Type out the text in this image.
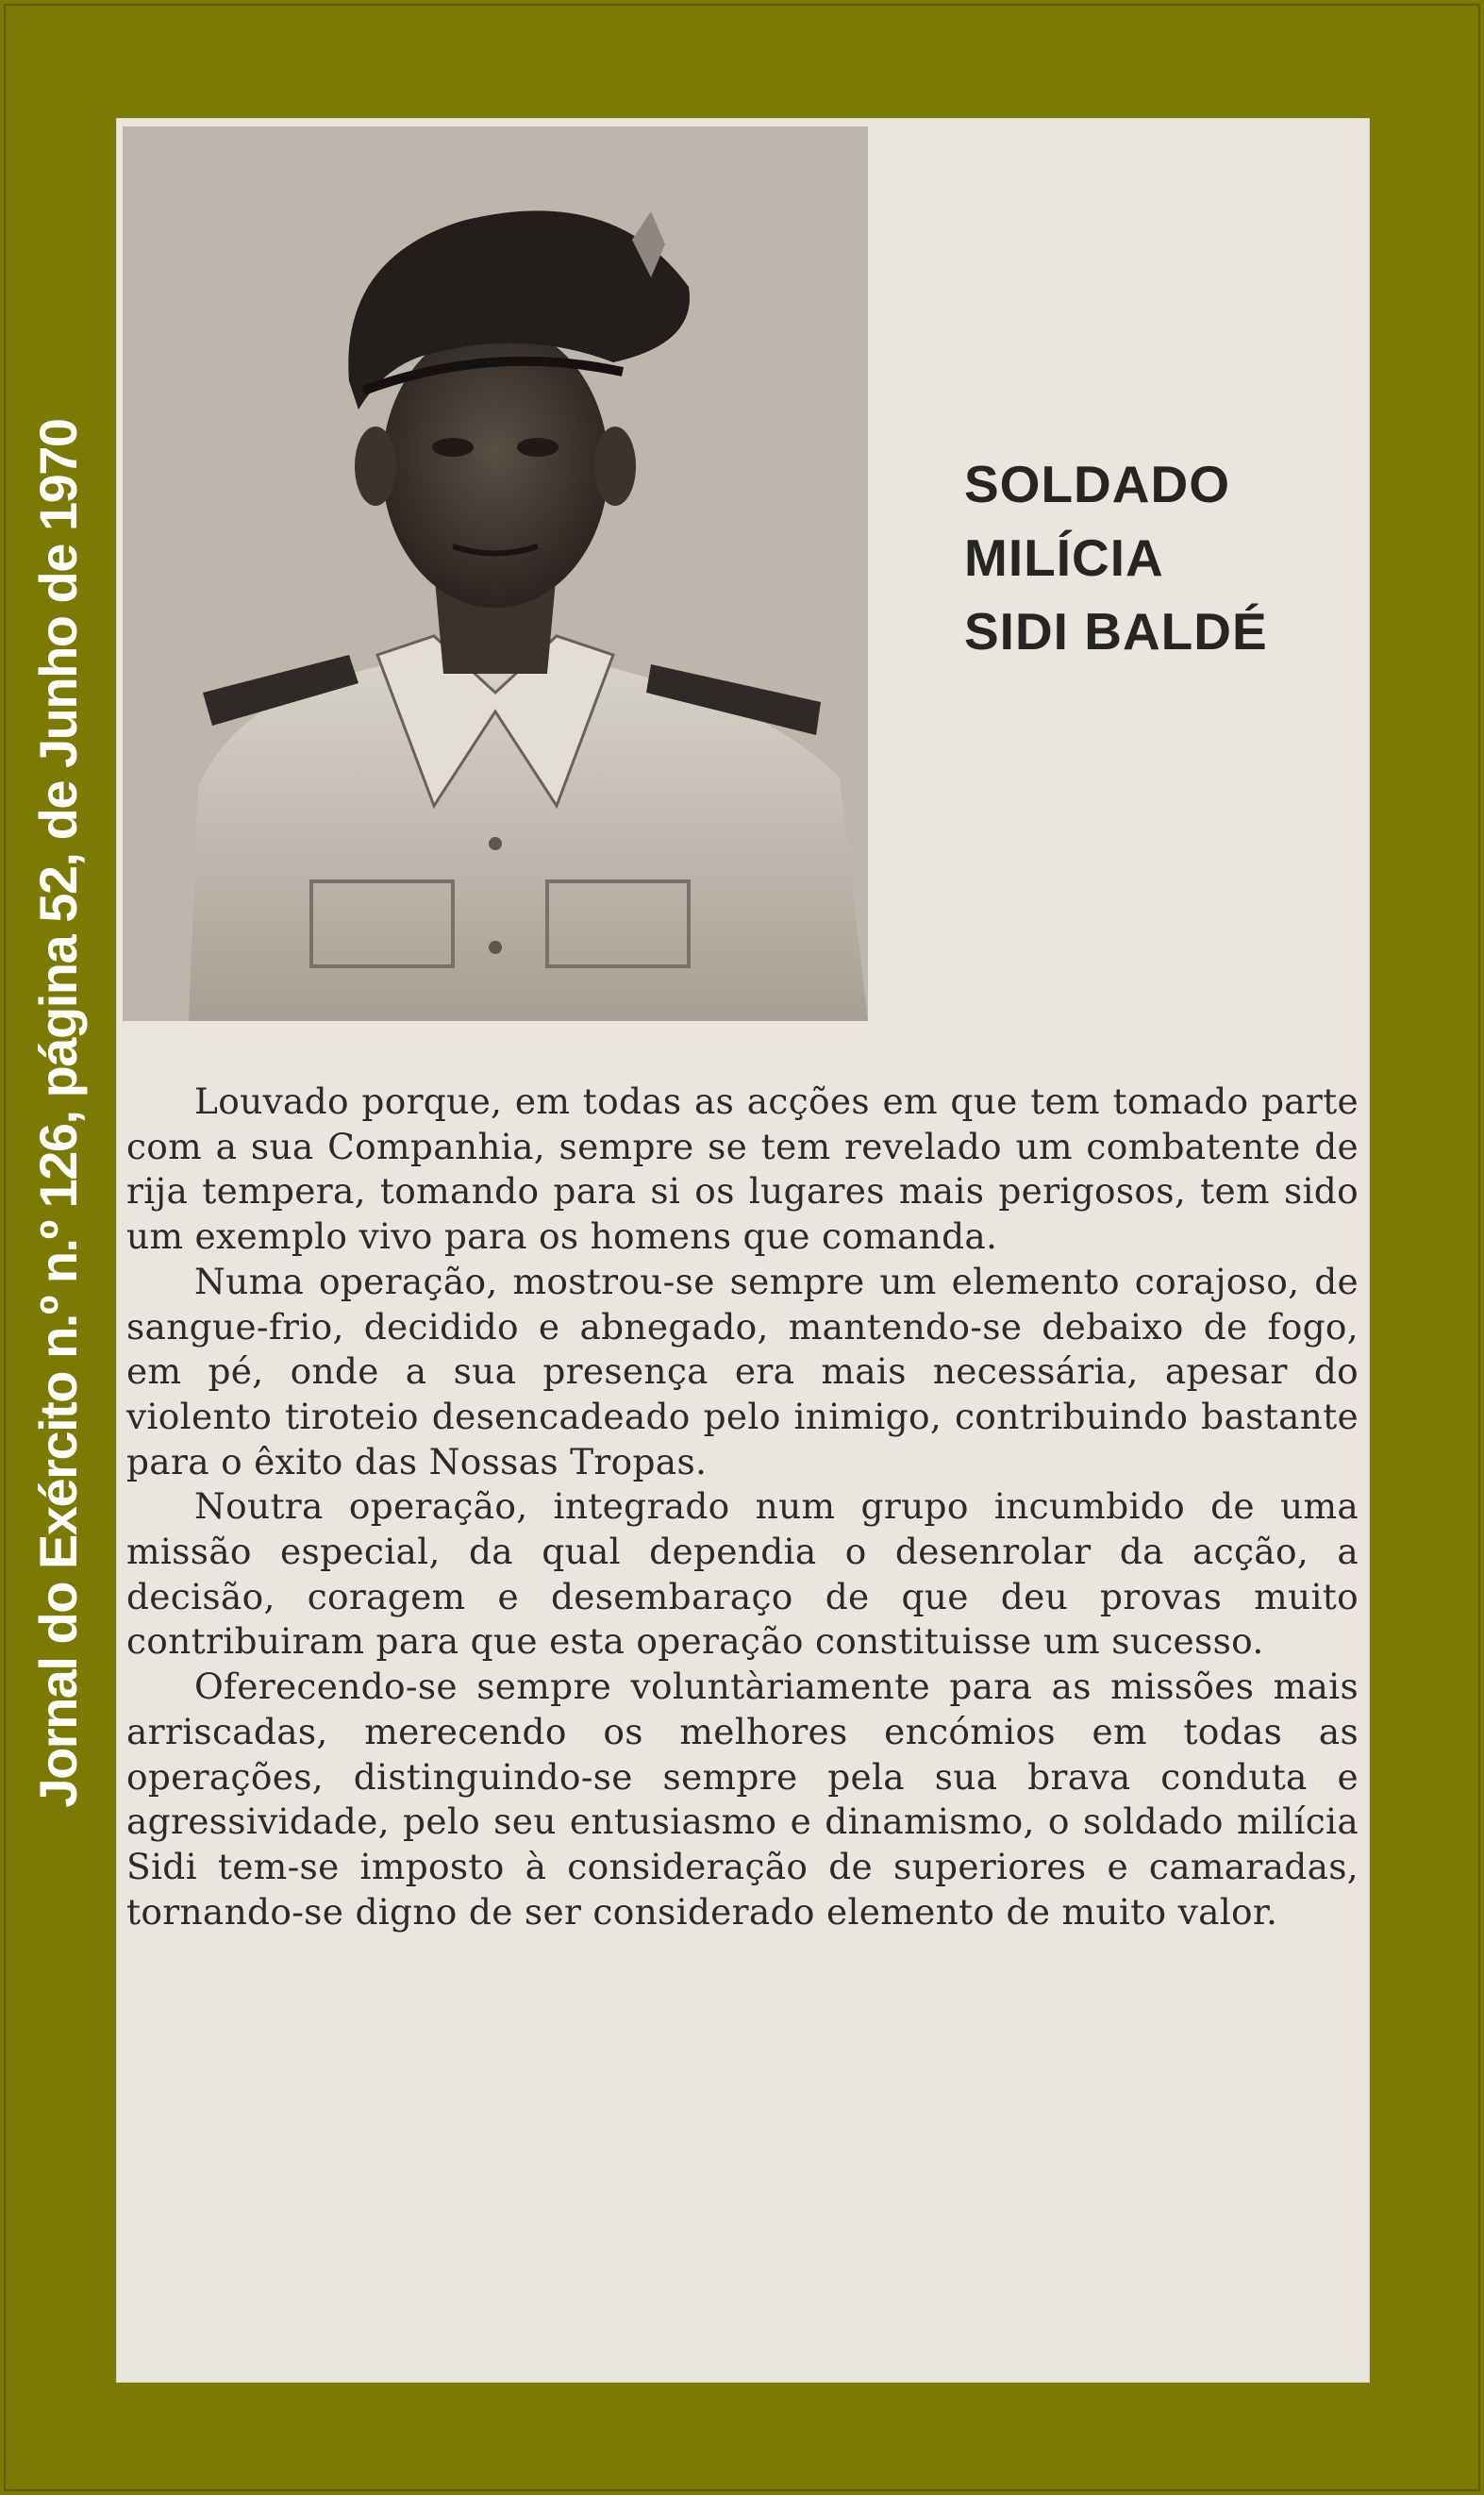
Jornal do Exército n.º n.º 126, página 52, de Junho de 1970	SOLDADO
MILÍCIA
SIDI BALDÉ

Louvado porque, em todas as acções em que tem tomado parte com a sua Companhia, sempre se tem revelado um combatente de rija tempera, tomando para si os lugares mais perigosos, tem sido um exemplo vivo para os homens que comanda.

Numa operação, mostrou-se sempre um elemento corajoso, de sangue-frio, decidido e abnegado, mantendo-se debaixo de fogo, em pé, onde a sua presença era mais necessária, apesar do violento tiroteio desencadeado pelo inimigo, contribuindo bastante para o êxito das Nossas Tropas.

Noutra operação, integrado num grupo incumbido de uma missão especial, da qual dependia o desenrolar da acção, a decisão, coragem e desembaraço de que deu provas muito contribuiram para que esta operação constituisse um sucesso.

Oferecendo-se sempre voluntàriamente para as missões mais arriscadas, merecendo os melhores encómios em todas as operações, distinguindo-se sempre pela sua brava conduta e agressividade, pelo seu entusiasmo e dinamismo, o soldado milícia Sidi tem-se imposto à consideração de superiores e camaradas, tornando-se digno de ser considerado elemento de muito valor.
